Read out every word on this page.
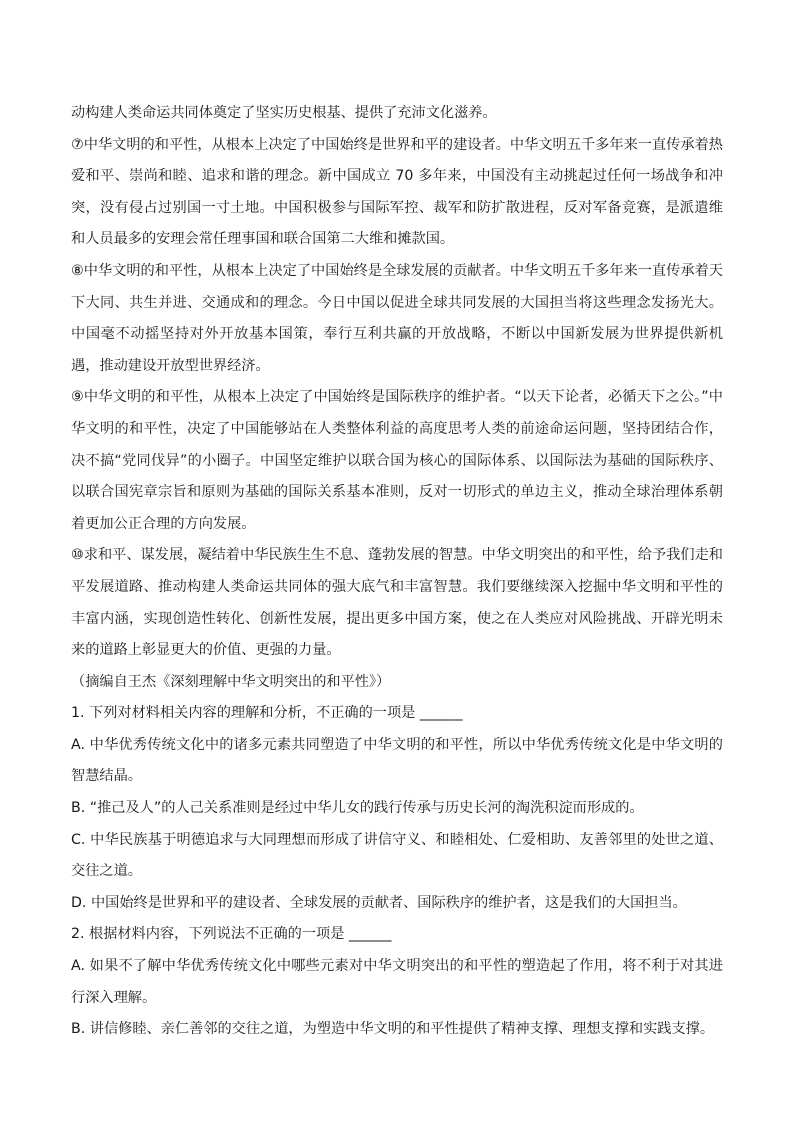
动构建人类命运共同体奠定了坚实历史根基、提供了充沛文化滋养。

⑦中华文明的和平性，从根本上决定了中国始终是世界和平的建设者。中华文明五千多年来一直传承着热爱和平、崇尚和睦、追求和谐的理念。新中国成立 70 多年来，中国没有主动挑起过任何一场战争和冲突，没有侵占过别国一寸土地。中国积极参与国际军控、裁军和防扩散进程，反对军备竞赛，是派遣维和人员最多的安理会常任理事国和联合国第二大维和摊款国。

⑧中华文明的和平性，从根本上决定了中国始终是全球发展的贡献者。中华文明五千多年来一直传承着天下大同、共生并进、交通成和的理念。今日中国以促进全球共同发展的大国担当将这些理念发扬光大。中国毫不动摇坚持对外开放基本国策，奉行互利共赢的开放战略，不断以中国新发展为世界提供新机遇，推动建设开放型世界经济。

⑨中华文明的和平性，从根本上决定了中国始终是国际秩序的维护者。“以天下论者，必循天下之公。”中华文明的和平性，决定了中国能够站在人类整体利益的高度思考人类的前途命运问题，坚持团结合作，决不搞“党同伐异”的小圈子。中国坚定维护以联合国为核心的国际体系、以国际法为基础的国际秩序、以联合国宪章宗旨和原则为基础的国际关系基本准则，反对一切形式的单边主义，推动全球治理体系朝着更加公正合理的方向发展。

⑩求和平、谋发展，凝结着中华民族生生不息、蓬勃发展的智慧。中华文明突出的和平性，给予我们走和平发展道路、推动构建人类命运共同体的强大底气和丰富智慧。我们要继续深入挖掘中华文明和平性的丰富内涵，实现创造性转化、创新性发展，提出更多中国方案，使之在人类应对风险挑战、开辟光明未来的道路上彰显更大的价值、更强的力量。

（摘编自王杰《深刻理解中华文明突出的和平性》）

1. 下列对材料相关内容的理解和分析，不正确的一项是 ______

A. 中华优秀传统文化中的诸多元素共同塑造了中华文明的和平性，所以中华优秀传统文化是中华文明的智慧结晶。

B. “推己及人”的人己关系准则是经过中华儿女的践行传承与历史长河的淘洗积淀而形成的。

C. 中华民族基于明德追求与大同理想而形成了讲信守义、和睦相处、仁爱相助、友善邻里的处世之道、交往之道。

D. 中国始终是世界和平的建设者、全球发展的贡献者、国际秩序的维护者，这是我们的大国担当。

2. 根据材料内容，下列说法不正确的一项是 ______

A. 如果不了解中华优秀传统文化中哪些元素对中华文明突出的和平性的塑造起了作用，将不利于对其进行深入理解。

B. 讲信修睦、亲仁善邻的交往之道，为塑造中华文明的和平性提供了精神支撑、理想支撑和实践支撑。
